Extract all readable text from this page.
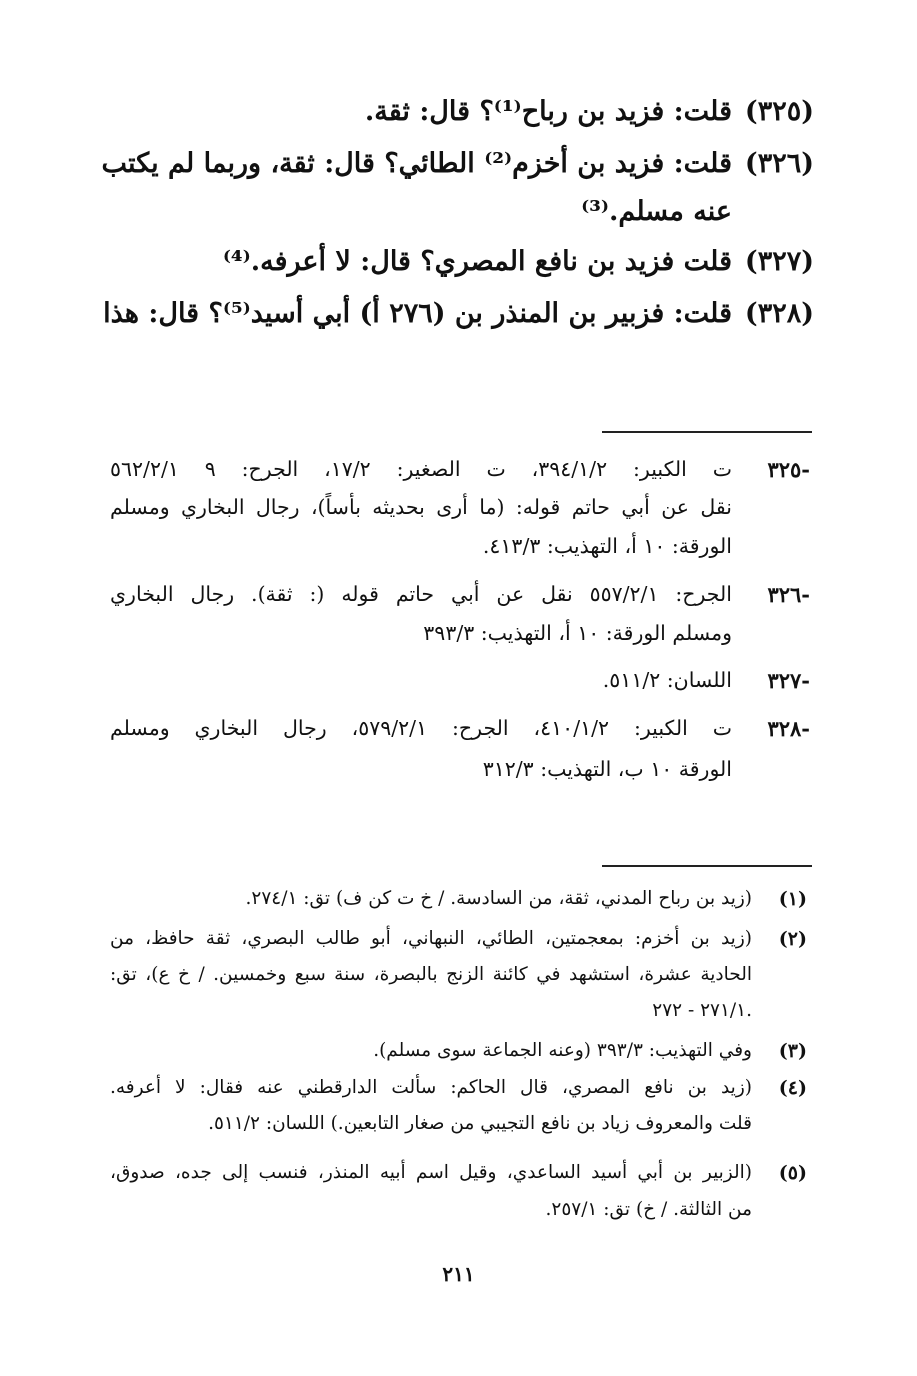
(٣٢٥)
قلت: فزيد بن رباح⁽¹⁾؟ قال: ثقة.
(٣٢٦)
قلت: فزيد بن أخزم⁽²⁾ الطائي؟ قال: ثقة، وربما لم يكتب
عنه مسلم.⁽³⁾
(٣٢٧)
قلت فزيد بن نافع المصري؟ قال: لا أعرفه.⁽⁴⁾
(٣٢٨)
قلت: فزبير بن المنذر بن (٢٧٦ أ) أبي أسيد⁽⁵⁾؟ قال: هذا
٣٢٥-
ت الكبير: ٣٩٤/١/٢، ت الصغير: ١٧/٢، الجرح: ٩ ٥٦٢/٢/١
نقل عن أبي حاتم قوله: (ما أرى بحديثه بأساً)، رجال البخاري ومسلم
الورقة: ١٠ أ، التهذيب: ٤١٣/٣.
٣٢٦-
الجرح: ٥٥٧/٢/١ نقل عن أبي حاتم قوله (: ثقة). رجال البخاري
ومسلم الورقة: ١٠ أ، التهذيب: ٣٩٣/٣
٣٢٧-
اللسان: ٥١١/٢.
٣٢٨-
ت الكبير: ٤١٠/١/٢، الجرح: ٥٧٩/٢/١، رجال البخاري ومسلم
الورقة ١٠ ب، التهذيب: ٣١٢/٣
(١)
(زيد بن رباح المدني، ثقة، من السادسة. / خ ت كن ف) تق: ٢٧٤/١.
(٢)
(زيد بن أخزم: بمعجمتين، الطائي، النبهاني، أبو طالب البصري، ثقة حافظ، من
الحادية عشرة، استشهد في كائنة الزنج بالبصرة، سنة سبع وخمسين. / خ ع)، تق:
٢٧١/١ - ٢٧٢.
(٣)
وفي التهذيب: ٣٩٣/٣ (وعنه الجماعة سوى مسلم).
(٤)
(زيد بن نافع المصري، قال الحاكم: سألت الدارقطني عنه فقال: لا أعرفه.
قلت والمعروف زياد بن نافع التجيبي من صغار التابعين.) اللسان: ٥١١/٢.
(٥)
(الزبير بن أبي أسيد الساعدي، وقيل اسم أبيه المنذر، فنسب إلى جده، صدوق،
من الثالثة. / خ) تق: ٢٥٧/١.
٢١١
